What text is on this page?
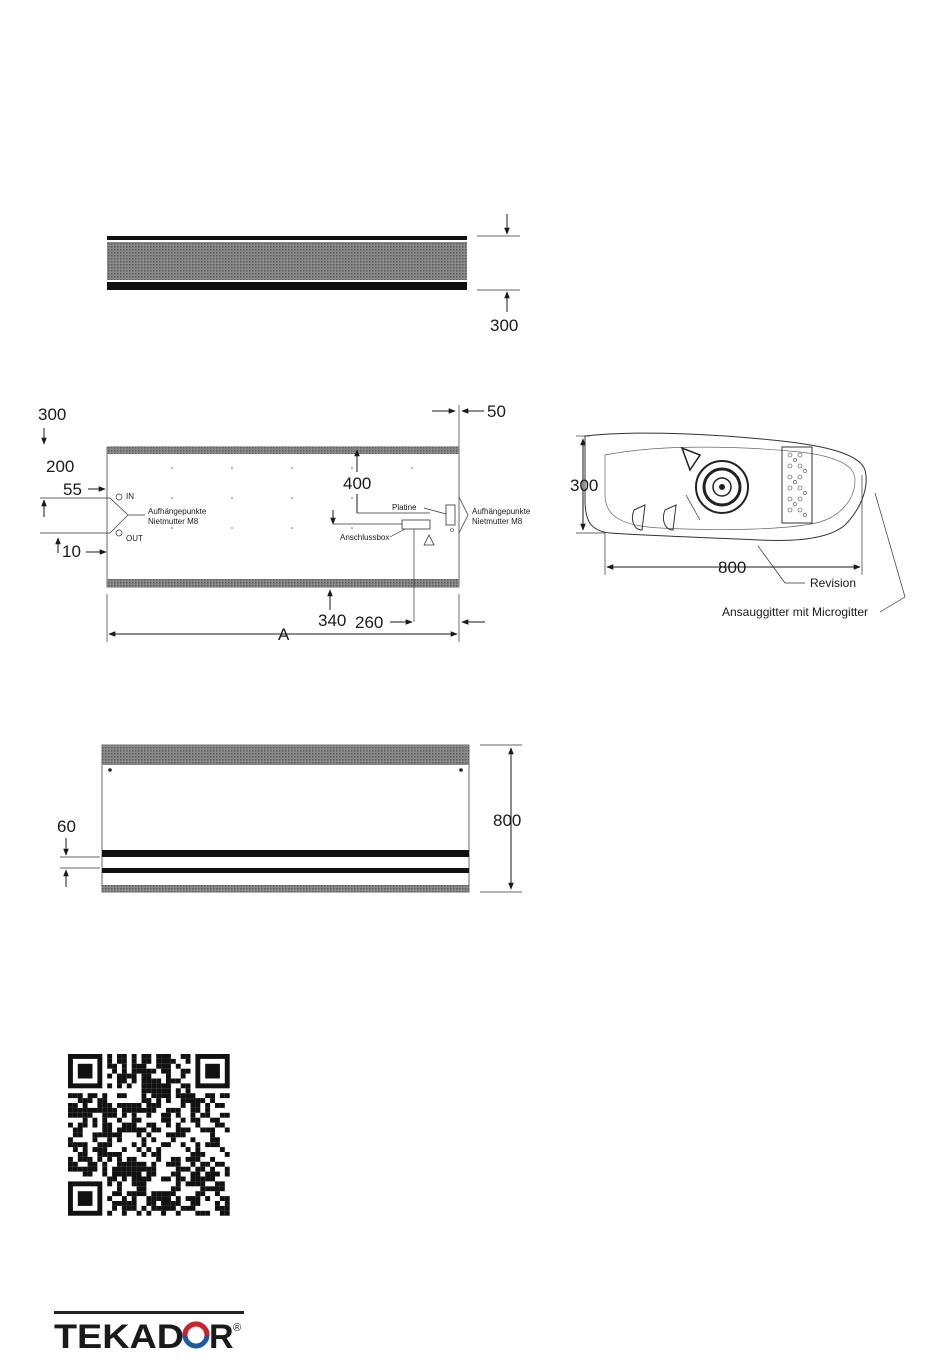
300
300
200
55
10
IN
OUT
Aufhängepunkte
Nietmutter M8
50
400
Platine
Anschlussbox
Aufhängepunkte
Nietmutter M8
340 260
A
300
800
Revision
Ansauggitter mit Microgitter
60	800
TEKAD R ®
